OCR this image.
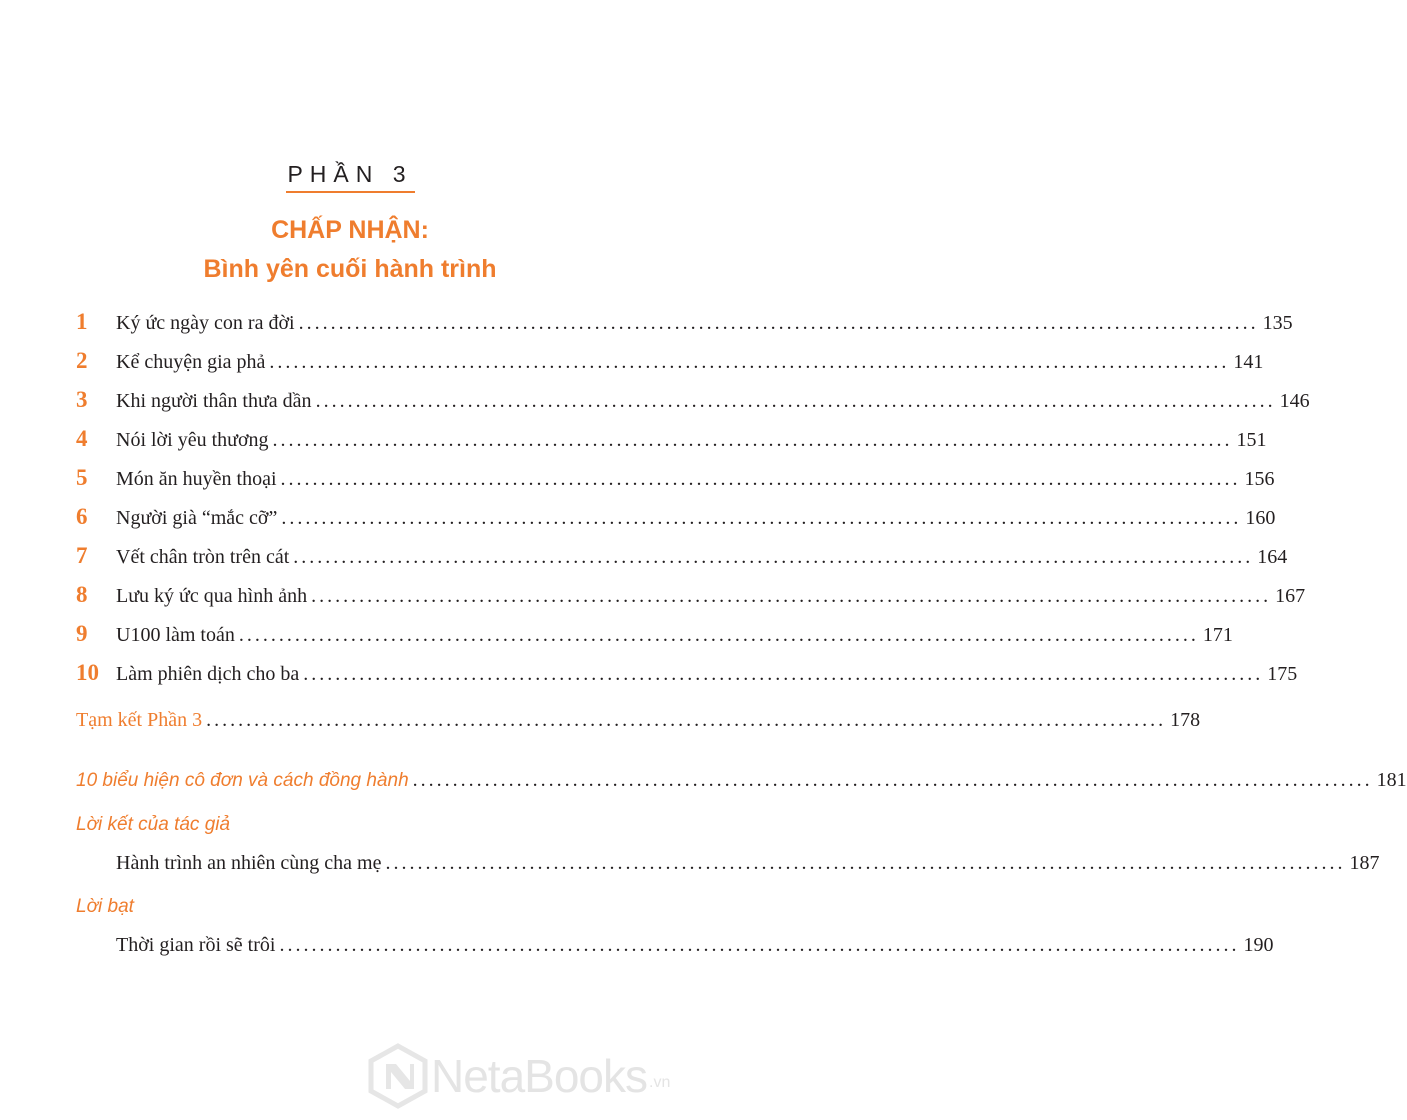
PHẦN 3
CHẤP NHẬN:
Bình yên cuối hành trình
1	Ký ức ngày con ra đời ........................................................................................................................ 135
2	Kể chuyện gia phả ........................................................................................................................ 141
3	Khi người thân thưa dần ........................................................................................................................ 146
4	Nói lời yêu thương ........................................................................................................................ 151
5	Món ăn huyền thoại ........................................................................................................................ 156
6	Người già “mắc cỡ” ........................................................................................................................ 160
7	Vết chân tròn trên cát ........................................................................................................................ 164
8	Lưu ký ức qua hình ảnh ........................................................................................................................ 167
9	U100 làm toán ........................................................................................................................ 171
10 Làm phiên dịch cho ba ........................................................................................................................ 175
Tạm kết Phần 3 ........................................................................................................................ 178
10 biểu hiện cô đơn và cách đồng hành ........................................................................................................................ 181
Lời kết của tác giả
Hành trình an nhiên cùng cha mẹ ........................................................................................................................ 187
Lời bạt
Thời gian rồi sẽ trôi ........................................................................................................................ 190
NetaBooks .vn
